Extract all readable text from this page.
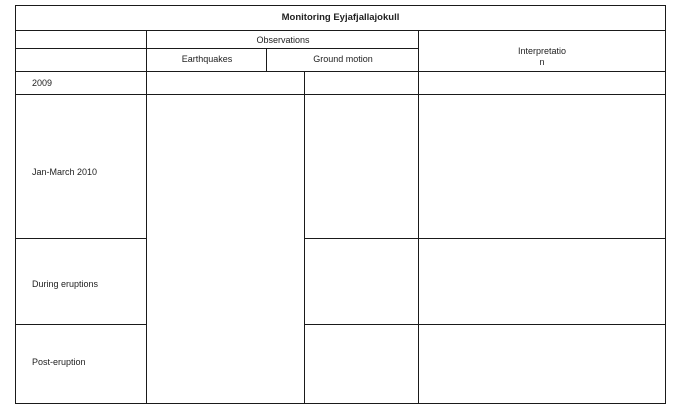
Monitoring Eyjafjallajokull
Observations
Earthquakes	Ground motion
Interpretatio
n
2009
Jan-March 2010
During eruptions
Post-eruption
